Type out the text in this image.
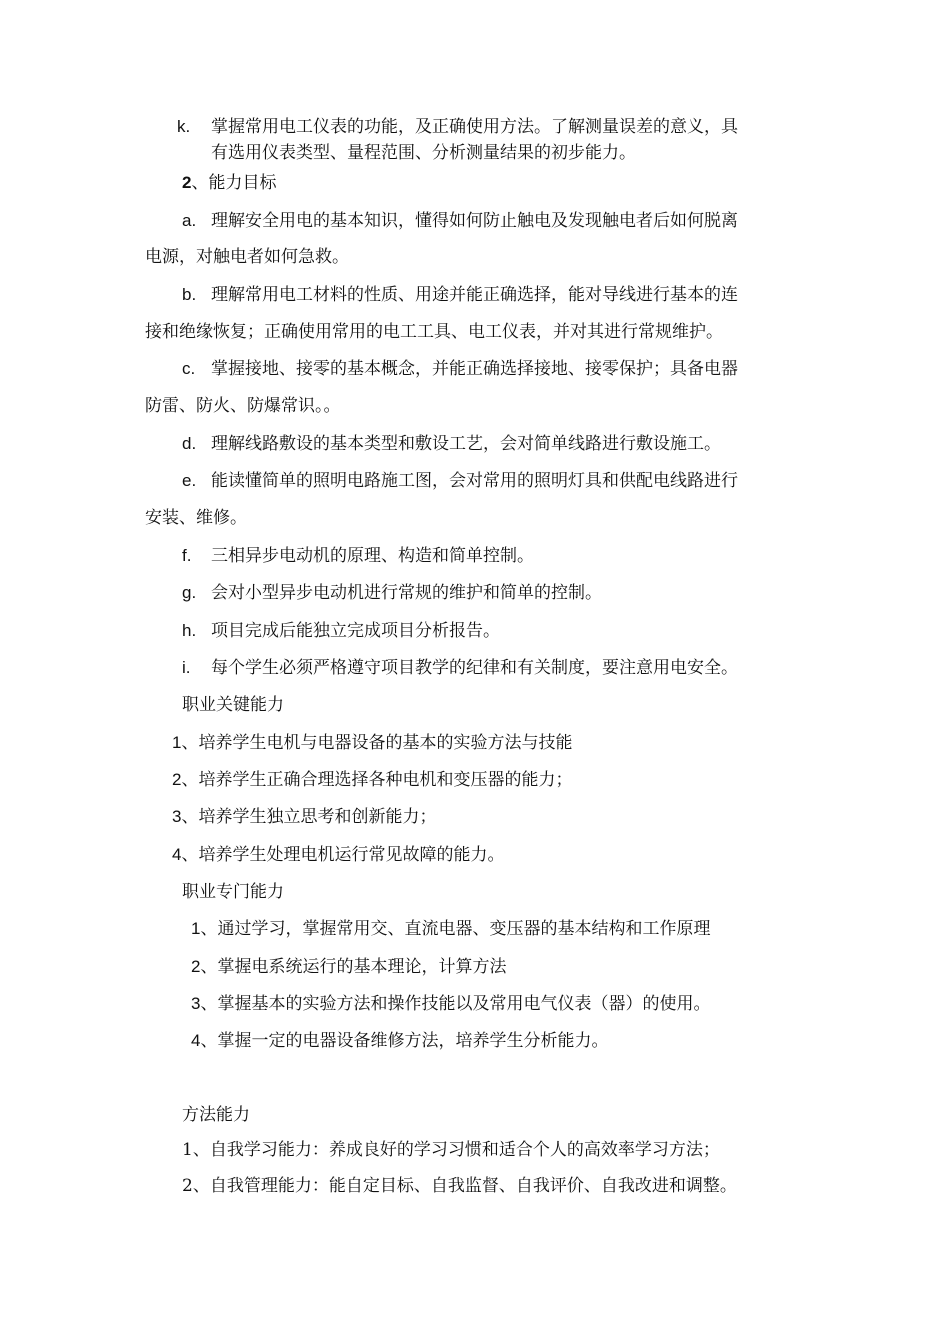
k. 掌握常用电工仪表的功能，及正确使用方法。了解测量误差的意义，具
有选用仪表类型、量程范围、分析测量结果的初步能力。
2、能力目标
a. 理解安全用电的基本知识，懂得如何防止触电及发现触电者后如何脱离
电源，对触电者如何急救。
b. 理解常用电工材料的性质、用途并能正确选择，能对导线进行基本的连
接和绝缘恢复；正确使用常用的电工工具、电工仪表，并对其进行常规维护。
c. 掌握接地、接零的基本概念，并能正确选择接地、接零保护；具备电器
防雷、防火、防爆常识。。
d. 理解线路敷设的基本类型和敷设工艺，会对简单线路进行敷设施工。
e. 能读懂简单的照明电路施工图，会对常用的照明灯具和供配电线路进行
安装、维修。
f. 三相异步电动机的原理、构造和简单控制。
g. 会对小型异步电动机进行常规的维护和简单的控制。
h. 项目完成后能独立完成项目分析报告。
i. 每个学生必须严格遵守项目教学的纪律和有关制度，要注意用电安全。
职业关键能力
1、培养学生电机与电器设备的基本的实验方法与技能
2、培养学生正确合理选择各种电机和变压器的能力；
3、培养学生独立思考和创新能力；
4、培养学生处理电机运行常见故障的能力。
职业专门能力
1、通过学习，掌握常用交、直流电器、变压器的基本结构和工作原理
2、掌握电系统运行的基本理论，计算方法
3、掌握基本的实验方法和操作技能以及常用电气仪表（器）的使用。
4、掌握一定的电器设备维修方法，培养学生分析能力。
方法能力
1、自我学习能力：养成良好的学习习惯和适合个人的高效率学习方法；
2、自我管理能力：能自定目标、自我监督、自我评价、自我改进和调整。
